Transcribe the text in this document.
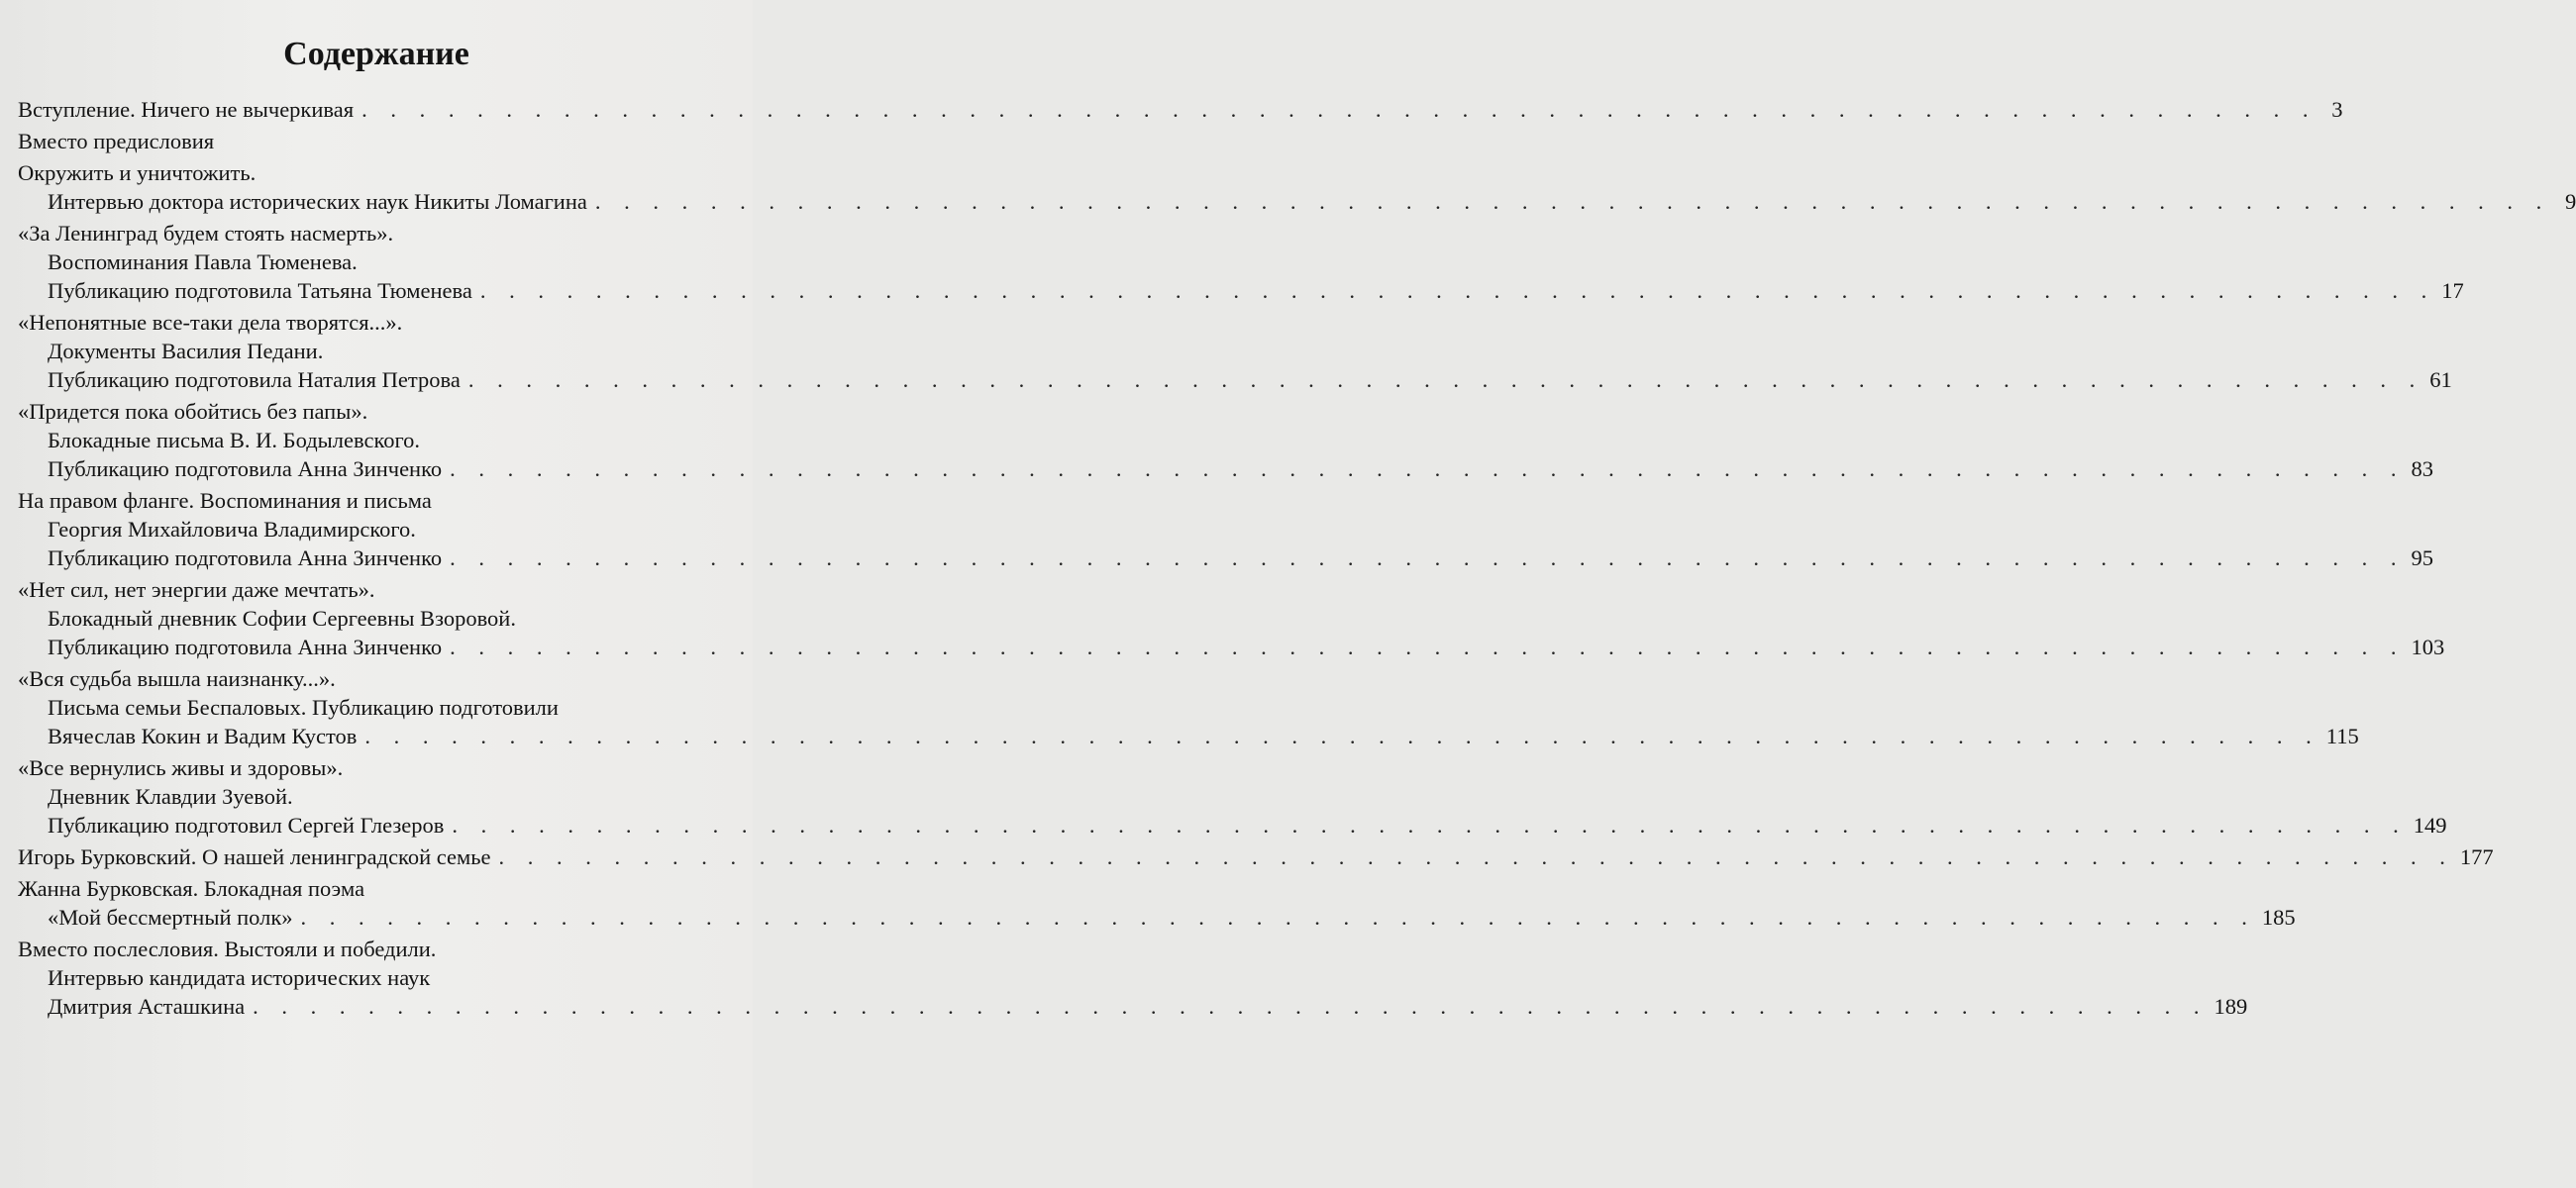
Содержание
Вступление. Ничего не вычеркивая . . .	3
Вместо предисловия
Окружить и уничтожить.
Интервью доктора исторических наук Никиты Ломагина . . .	9
«За Ленинград будем стоять насмерть».
Воспоминания Павла Тюменева.
Публикацию подготовила Татьяна Тюменева . . .	17
«Непонятные все-таки дела творятся...».
Документы Василия Педани.
Публикацию подготовила Наталия Петрова . . .	61
«Придется пока обойтись без папы».
Блокадные письма В. И. Бодылевского.
Публикацию подготовила Анна Зинченко . . .	83
На правом фланге. Воспоминания и письма
Георгия Михайловича Владимирского.
Публикацию подготовила Анна Зинченко . . .	95
«Нет сил, нет энергии даже мечтать».
Блокадный дневник Софии Сергеевны Взоровой.
Публикацию подготовила Анна Зинченко . . .	103
«Вся судьба вышла наизнанку...».
Письма семьи Беспаловых. Публикацию подготовили
Вячеслав Кокин и Вадим Кустов . . .	115
«Все вернулись живы и здоровы».
Дневник Клавдии Зуевой.
Публикацию подготовил Сергей Глезеров . . .	149
Игорь Бурковский. О нашей ленинградской семье . . .	177
Жанна Бурковская. Блокадная поэма
«Мой бессмертный полк» . . .	185
Вместо послесловия. Выстояли и победили.
Интервью кандидата исторических наук
Дмитрия Асташкина . . .	189
